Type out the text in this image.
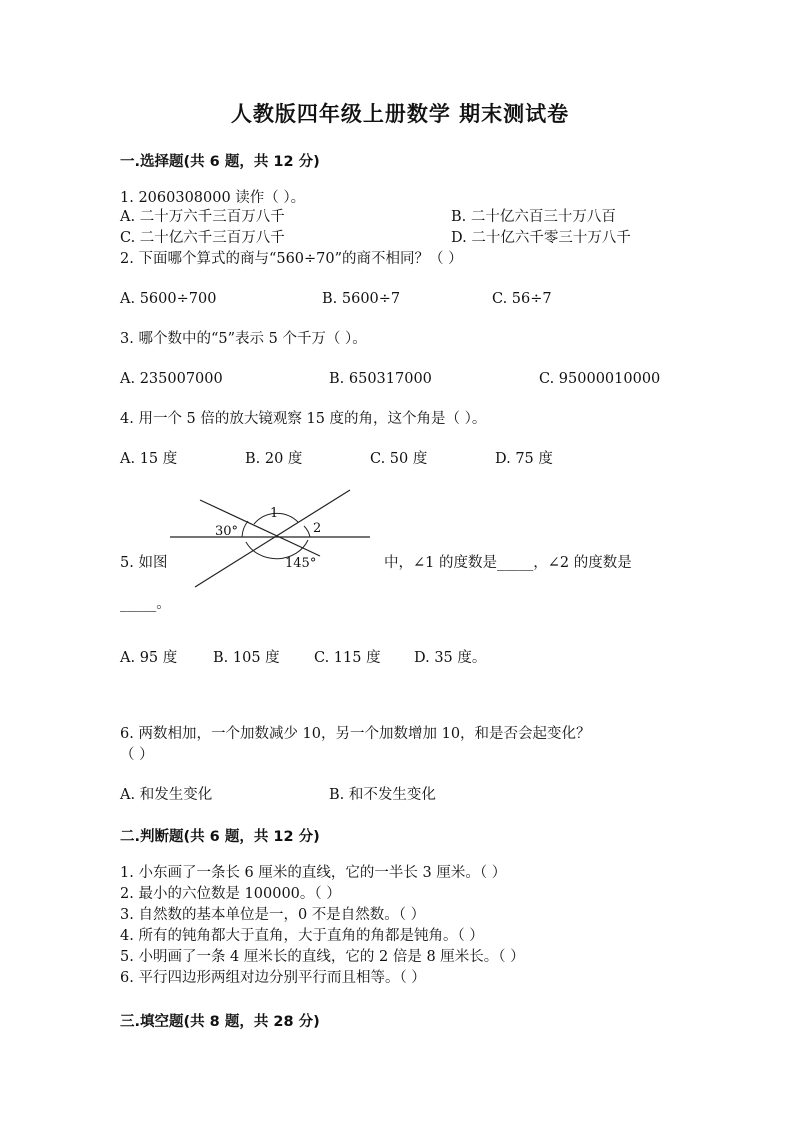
人教版四年级上册数学 期末测试卷
一.选择题(共 6 题，共 12 分)
1. 2060308000 读作（ ）。
A. 二十万六千三百万八千	B. 二十亿六百三十万八百
C. 二十亿六千三百万八千	D. 二十亿六千零三十万八千
2. 下面哪个算式的商与“560÷70”的商不相同？（ ）
A. 5600÷700	B. 5600÷7	C. 56÷7
3. 哪个数中的“5”表示 5 个千万（ ）。
A. 235007000	B. 650317000	C. 95000010000
4. 用一个 5 倍的放大镜观察 15 度的角，这个角是（ ）。
A. 15 度	B. 20 度	C. 50 度	D. 75 度
30°
1
2
145°
5. 如图	中，∠1 的度数是_____，∠2 的度数是
_____。
A. 95 度 B. 105 度 C. 115 度 D. 35 度。
6. 两数相加，一个加数减少 10，另一个加数增加 10，和是否会起变化？
（ ）
A. 和发生变化	B. 和不发生变化
二.判断题(共 6 题，共 12 分)
1. 小东画了一条长 6 厘米的直线，它的一半长 3 厘米。（ ）
2. 最小的六位数是 100000。（ ）
3. 自然数的基本单位是一，0 不是自然数。（ ）
4. 所有的钝角都大于直角，大于直角的角都是钝角。（ ）
5. 小明画了一条 4 厘米长的直线，它的 2 倍是 8 厘米长。（ ）
6. 平行四边形两组对边分别平行而且相等。（ ）
三.填空题(共 8 题，共 28 分)
